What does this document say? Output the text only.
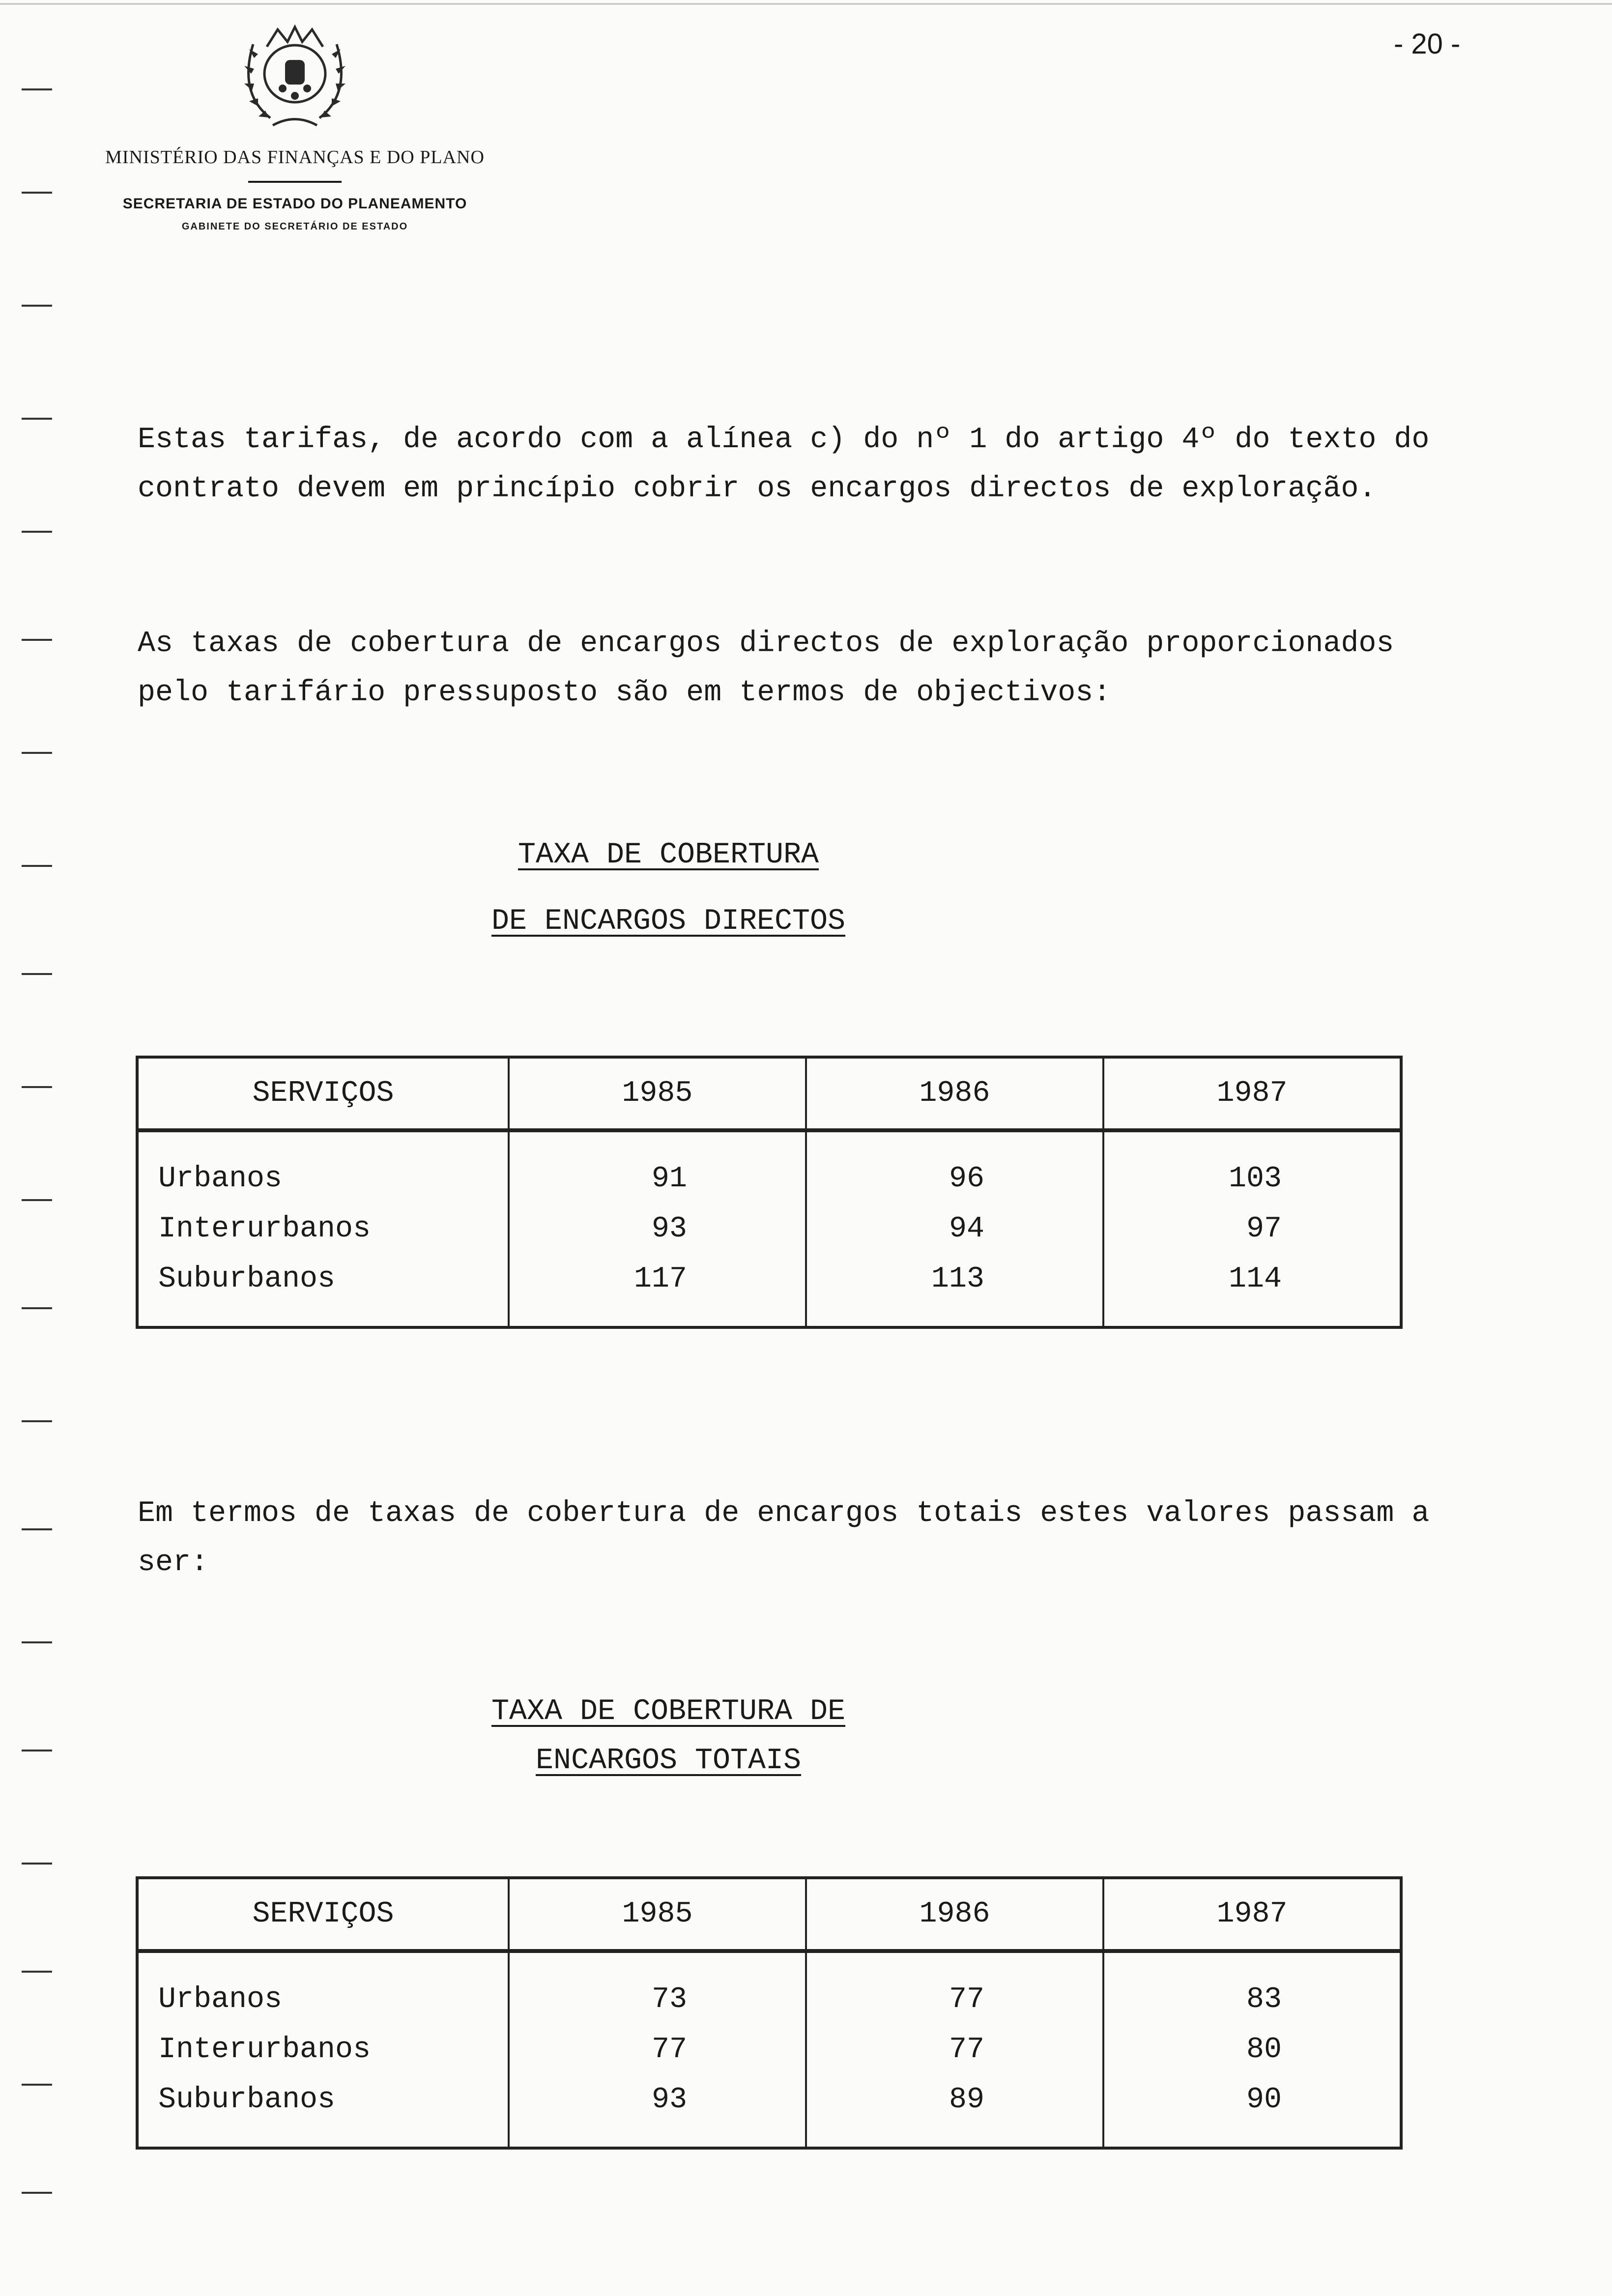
- 20 -
MINISTÉRIO DAS FINANÇAS E DO PLANO
SECRETARIA DE ESTADO DO PLANEAMENTO
GABINETE DO SECRETÁRIO DE ESTADO

Estas tarifas, de acordo com a alínea c) do nº 1 do artigo 4º do texto do contrato devem em princípio cobrir os encargos directos de exploração.

As taxas de cobertura de encargos directos de exploração proporcionados pelo tarifário pressuposto são em termos de objectivos:

TAXA DE COBERTURA
DE ENCARGOS DIRECTOS
SERVIÇOS	1985	1986	1987
Urbanos	91	96	103
Interurbanos	93	94	97
Suburbanos	117	113	114

Em termos de taxas de cobertura de encargos totais estes valores passam a ser:

TAXA DE COBERTURA DE
ENCARGOS TOTAIS
SERVIÇOS	1985	1986	1987
Urbanos	73	77	83
Interurbanos	77	77	80
Suburbanos	93	89	90
